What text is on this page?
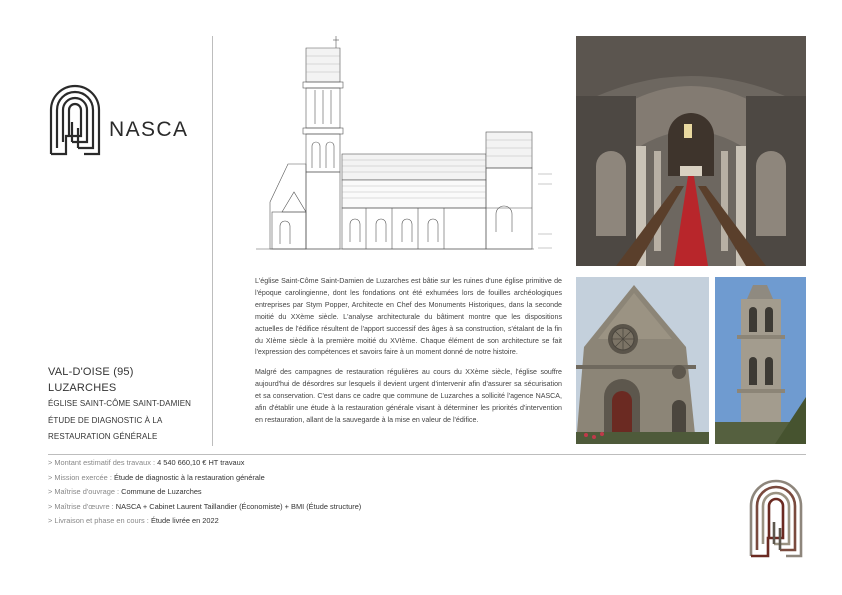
NASCA
VAL-D'OISE (95)
LUZARCHES
ÉGLISE SAINT-CÔME SAINT-DAMIEN
ÉTUDE DE DIAGNOSTIC À LA
RESTAURATION GÉNÉRALE

L'église Saint-Côme Saint-Damien de Luzarches est bâtie sur les ruines d'une église primitive de l'époque carolingienne, dont les fondations ont été exhumées lors de fouilles archéologiques entreprises par Stym Popper, Architecte en Chef des Monuments Historiques, dans la seconde moitié du XXème siècle. L'analyse architecturale du bâtiment montre que les dispositions actuelles de l'édifice résultent de l'apport successif des âges à sa construction, s'étalant de la fin du XIème siècle à la première moitié du XVIème. Chaque élément de son architecture se fait l'expression des compétences et savoirs faire à un moment donné de notre histoire.

Malgré des campagnes de restauration régulières au cours du XXème siècle, l'église souffre aujourd'hui de désordres sur lesquels il devient urgent d'intervenir afin d'assurer sa sécurisation et sa conservation. C'est dans ce cadre que commune de Luzarches a sollicité l'agence NASCA, afin d'établir une étude à la restauration générale visant à déterminer les priorités d'intervention en restauration, allant de la sauvegarde à la mise en valeur de l'édifice.

> Montant estimatif des travaux : 4 540 660,10 € HT travaux
> Mission exercée : Étude de diagnostic à la restauration générale
> Maîtrise d'ouvrage : Commune de Luzarches
> Maîtrise d'œuvre : NASCA + Cabinet Laurent Taillandier (Économiste) + BMI (Étude structure)
> Livraison et phase en cours : Étude livrée en 2022
